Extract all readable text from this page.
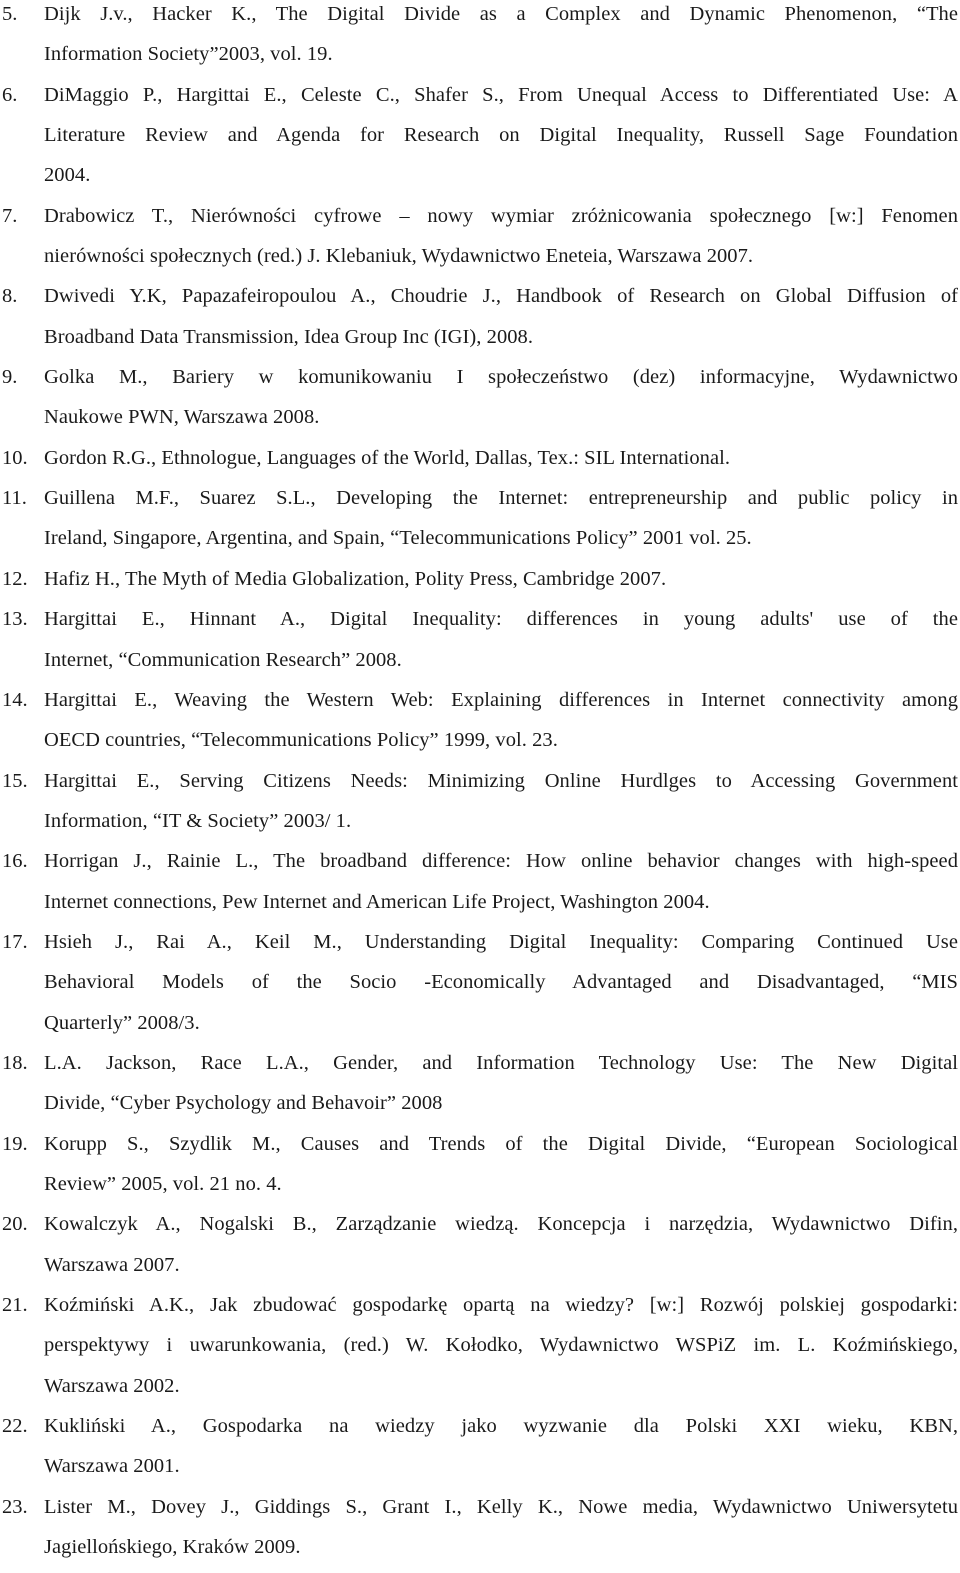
5.	Dijk J.v., Hacker K., The Digital Divide as a Complex and Dynamic Phenomenon, “The
Information Society”2003, vol. 19.
6.	DiMaggio P., Hargittai E., Celeste C., Shafer S., From Unequal Access to Differentiated Use: A
Literature Review and Agenda for Research on Digital Inequality, Russell Sage Foundation
2004.
7.	Drabowicz T., Nierówności cyfrowe – nowy wymiar zróżnicowania społecznego [w:] Fenomen
nierówności społecznych (red.) J. Klebaniuk, Wydawnictwo Eneteia, Warszawa 2007.
8.	Dwivedi Y.K, Papazafeiropoulou A., Choudrie J., Handbook of Research on Global Diffusion of
Broadband Data Transmission, Idea Group Inc (IGI), 2008.
9.	Golka M., Bariery w komunikowaniu I społeczeństwo (dez) informacyjne, Wydawnictwo
Naukowe PWN, Warszawa 2008.
10. Gordon R.G., Ethnologue, Languages of the World, Dallas, Tex.: SIL International.
11. Guillena M.F., Suarez S.L., Developing the Internet: entrepreneurship and public policy in
Ireland, Singapore, Argentina, and Spain, “Telecommunications Policy” 2001 vol. 25.
12. Hafiz H., The Myth of Media Globalization, Polity Press, Cambridge 2007.
13. Hargittai E., Hinnant A., Digital Inequality: differences in young adults' use of the
Internet, “Communication Research” 2008.
14. Hargittai E., Weaving the Western Web: Explaining differences in Internet connectivity among
OECD countries, “Telecommunications Policy” 1999, vol. 23.
15. Hargittai E., Serving Citizens Needs: Minimizing Online Hurdlges to Accessing Government
Information, “IT & Society” 2003/ 1.
16. Horrigan J., Rainie L., The broadband difference: How online behavior changes with high-speed
Internet connections, Pew Internet and American Life Project, Washington 2004.
17. Hsieh J., Rai A., Keil M., Understanding Digital Inequality: Comparing Continued Use
Behavioral Models of the Socio -Economically Advantaged and Disadvantaged, “MIS
Quarterly” 2008/3.
18. L.A. Jackson, Race L.A., Gender, and Information Technology Use: The New Digital
Divide, “Cyber Psychology and Behavoir” 2008
19. Korupp S., Szydlik M., Causes and Trends of the Digital Divide, “European Sociological
Review” 2005, vol. 21 no. 4.
20. Kowalczyk A., Nogalski B., Zarządzanie wiedzą. Koncepcja i narzędzia, Wydawnictwo Difin,
Warszawa 2007.
21. Koźmiński A.K., Jak zbudować gospodarkę opartą na wiedzy? [w:] Rozwój polskiej gospodarki:
perspektywy i uwarunkowania, (red.) W. Kołodko, Wydawnictwo WSPiZ im. L. Koźmińskiego,
Warszawa 2002.
22. Kukliński A., Gospodarka na wiedzy jako wyzwanie dla Polski XXI wieku, KBN,
Warszawa 2001.
23. Lister M., Dovey J., Giddings S., Grant I., Kelly K., Nowe media, Wydawnictwo Uniwersytetu
Jagiellońskiego, Kraków 2009.
